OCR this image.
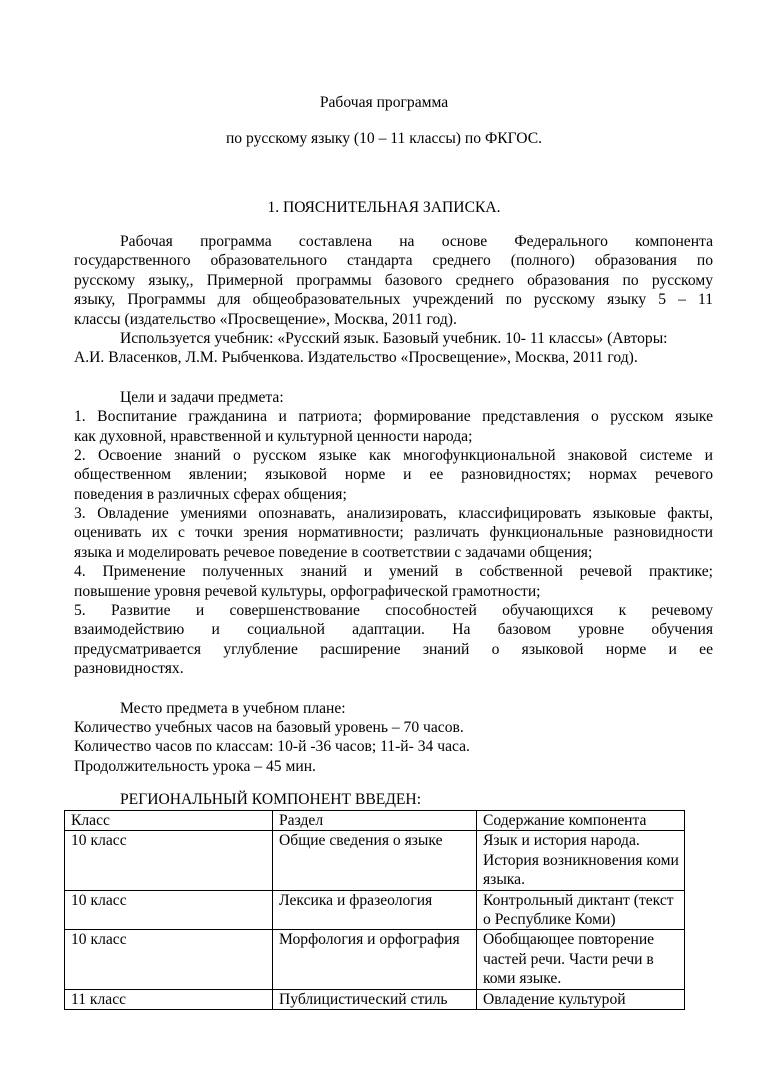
Рабочая программа
по русскому языку (10 – 11 классы) по ФКГОС.
1. ПОЯСНИТЕЛЬНАЯ ЗАПИСКА.
Рабочая программа составлена на основе Федерального компонента
государственного образовательного стандарта среднего (полного) образования по
русскому языку,, Примерной программы базового среднего образования по русскому
языку, Программы для общеобразовательных учреждений по русскому языку 5 – 11
классы (издательство «Просвещение», Москва, 2011 год).
Используется учебник: «Русский язык. Базовый учебник. 10- 11 классы» (Авторы:
А.И. Власенков, Л.М. Рыбченкова. Издательство «Просвещение», Москва, 2011 год).
Цели и задачи предмета:
1. Воспитание гражданина и патриота; формирование представления о русском языке
как духовной, нравственной и культурной ценности народа;
2. Освоение знаний о русском языке как многофункциональной знаковой системе и
общественном явлении; языковой норме и ее разновидностях; нормах речевого
поведения в различных сферах общения;
3. Овладение умениями опознавать, анализировать, классифицировать языковые факты,
оценивать их с точки зрения нормативности; различать функциональные разновидности
языка и моделировать речевое поведение в соответствии с задачами общения;
4. Применение полученных знаний и умений в собственной речевой практике;
повышение уровня речевой культуры, орфографической грамотности;
5. Развитие и совершенствование способностей обучающихся к речевому
взаимодействию и социальной адаптации. На базовом уровне обучения
предусматривается углубление расширение знаний о языковой норме и ее
разновидностях.
Место предмета в учебном плане:
Количество учебных часов на базовый уровень – 70 часов.
Количество часов по классам: 10-й -36 часов; 11-й- 34 часа.
Продолжительность урока – 45 мин.
РЕГИОНАЛЬНЫЙ КОМПОНЕНТ ВВЕДЕН:
Класс	Раздел	Содержание компонента
10 класс	Общие сведения о языке	Язык и история народа. История возникновения коми языка.
10 класс	Лексика и фразеология	Контрольный диктант (текст о Республике Коми)
10 класс	Морфология и орфография	Обобщающее повторение частей речи. Части речи в коми языке.
11 класс	Публицистический стиль	Овладение культурой
